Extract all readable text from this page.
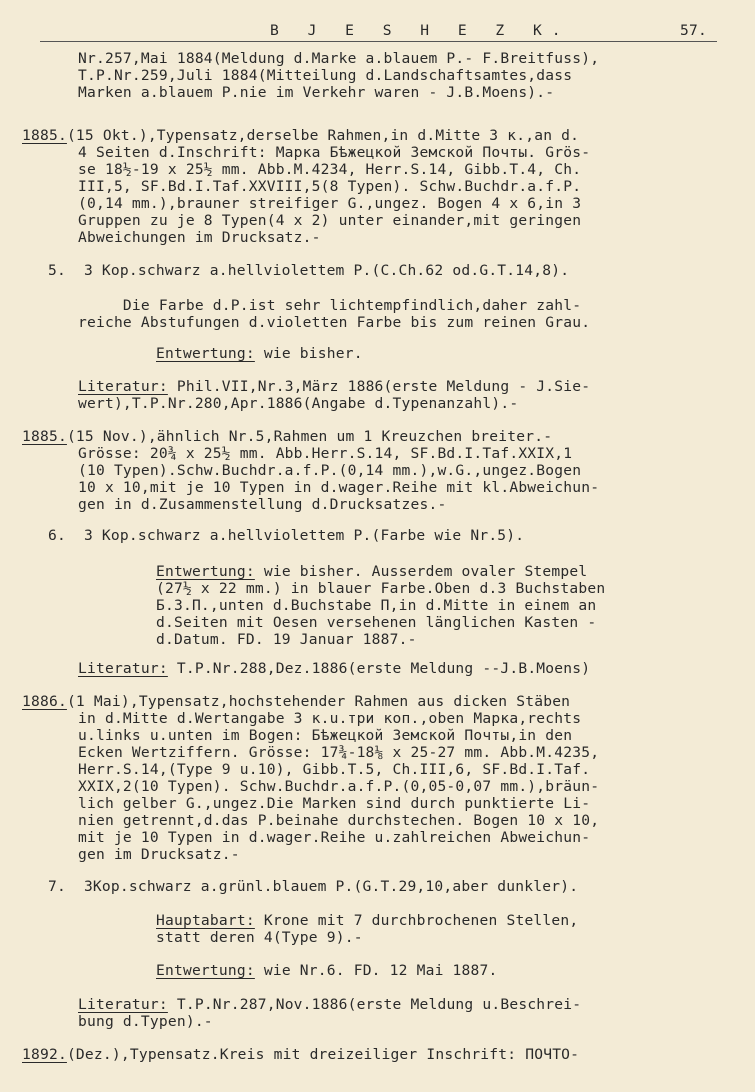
B J E S H E Z K.	57.
Nr.257,Mai 1884(Meldung d.Marke a.blauem P.- F.Breitfuss),
T.P.Nr.259,Juli 1884(Mitteilung d.Landschaftsamtes,dass
Marken a.blauem P.nie im Verkehr waren - J.B.Moens).-
1885.(15 Okt.),Typensatz,derselbe Rahmen,in d.Mitte 3 к.,an d.
4 Seiten d.Inschrift: Марка Бѣжецкой Земской Почты. Grös-
se 18½-19 x 25½ mm. Abb.M.4234, Herr.S.14, Gibb.T.4, Ch.
III,5, SF.Bd.I.Taf.XXVIII,5(8 Typen). Schw.Buchdr.a.f.P.
(0,14 mm.),brauner streifiger G.,ungez. Bogen 4 x 6,in 3
Gruppen zu je 8 Typen(4 x 2) unter einander,mit geringen
Abweichungen im Drucksatz.-
5.  3 Kop.schwarz a.hellviolettem P.(C.Ch.62 od.G.T.14,8).
Die Farbe d.P.ist sehr lichtempfindlich,daher zahl-
reiche Abstufungen d.violetten Farbe bis zum reinen Grau.
Entwertung: wie bisher.
Literatur: Phil.VII,Nr.3,März 1886(erste Meldung - J.Sie-
wert),T.P.Nr.280,Apr.1886(Angabe d.Typenanzahl).-
1885.(15 Nov.),ähnlich Nr.5,Rahmen um 1 Kreuzchen breiter.-
Grösse: 20¾ x 25½ mm. Abb.Herr.S.14, SF.Bd.I.Taf.XXIX,1
(10 Typen).Schw.Buchdr.a.f.P.(0,14 mm.),w.G.,ungez.Bogen
10 x 10,mit je 10 Typen in d.wager.Reihe mit kl.Abweichun-
gen in d.Zusammenstellung d.Drucksatzes.-
6.  3 Kop.schwarz a.hellviolettem P.(Farbe wie Nr.5).
Entwertung: wie bisher. Ausserdem ovaler Stempel
(27½ x 22 mm.) in blauer Farbe.Oben d.3 Buchstaben
Б.З.П.,unten d.Buchstabe П,in d.Mitte in einem an
d.Seiten mit Oesen versehenen länglichen Kasten -
d.Datum. FD. 19 Januar 1887.-
Literatur: T.P.Nr.288,Dez.1886(erste Meldung --J.B.Moens)
1886.(1 Mai),Typensatz,hochstehender Rahmen aus dicken Stäben
in d.Mitte d.Wertangabe 3 к.u.три коп.,oben Марка,rechts
u.links u.unten im Bogen: Бѣжецкой Земской Почты,in den
Ecken Wertziffern. Grösse: 17¾-18⅛ x 25-27 mm. Abb.M.4235,
Herr.S.14,(Type 9 u.10), Gibb.T.5, Ch.III,6, SF.Bd.I.Taf.
XXIX,2(10 Typen). Schw.Buchdr.a.f.P.(0,05-0,07 mm.),bräun-
lich gelber G.,ungez.Die Marken sind durch punktierte Li-
nien getrennt,d.das P.beinahe durchstechen. Bogen 10 x 10,
mit je 10 Typen in d.wager.Reihe u.zahlreichen Abweichun-
gen im Drucksatz.-
7.  3Kop.schwarz a.grünl.blauem P.(G.T.29,10,aber dunkler).
Hauptabart: Krone mit 7 durchbrochenen Stellen,
statt deren 4(Type 9).-
Entwertung: wie Nr.6. FD. 12 Mai 1887.
Literatur: T.P.Nr.287,Nov.1886(erste Meldung u.Beschrei-
bung d.Typen).-
1892.(Dez.),Typensatz.Kreis mit dreizeiliger Inschrift: ПОЧТО-
